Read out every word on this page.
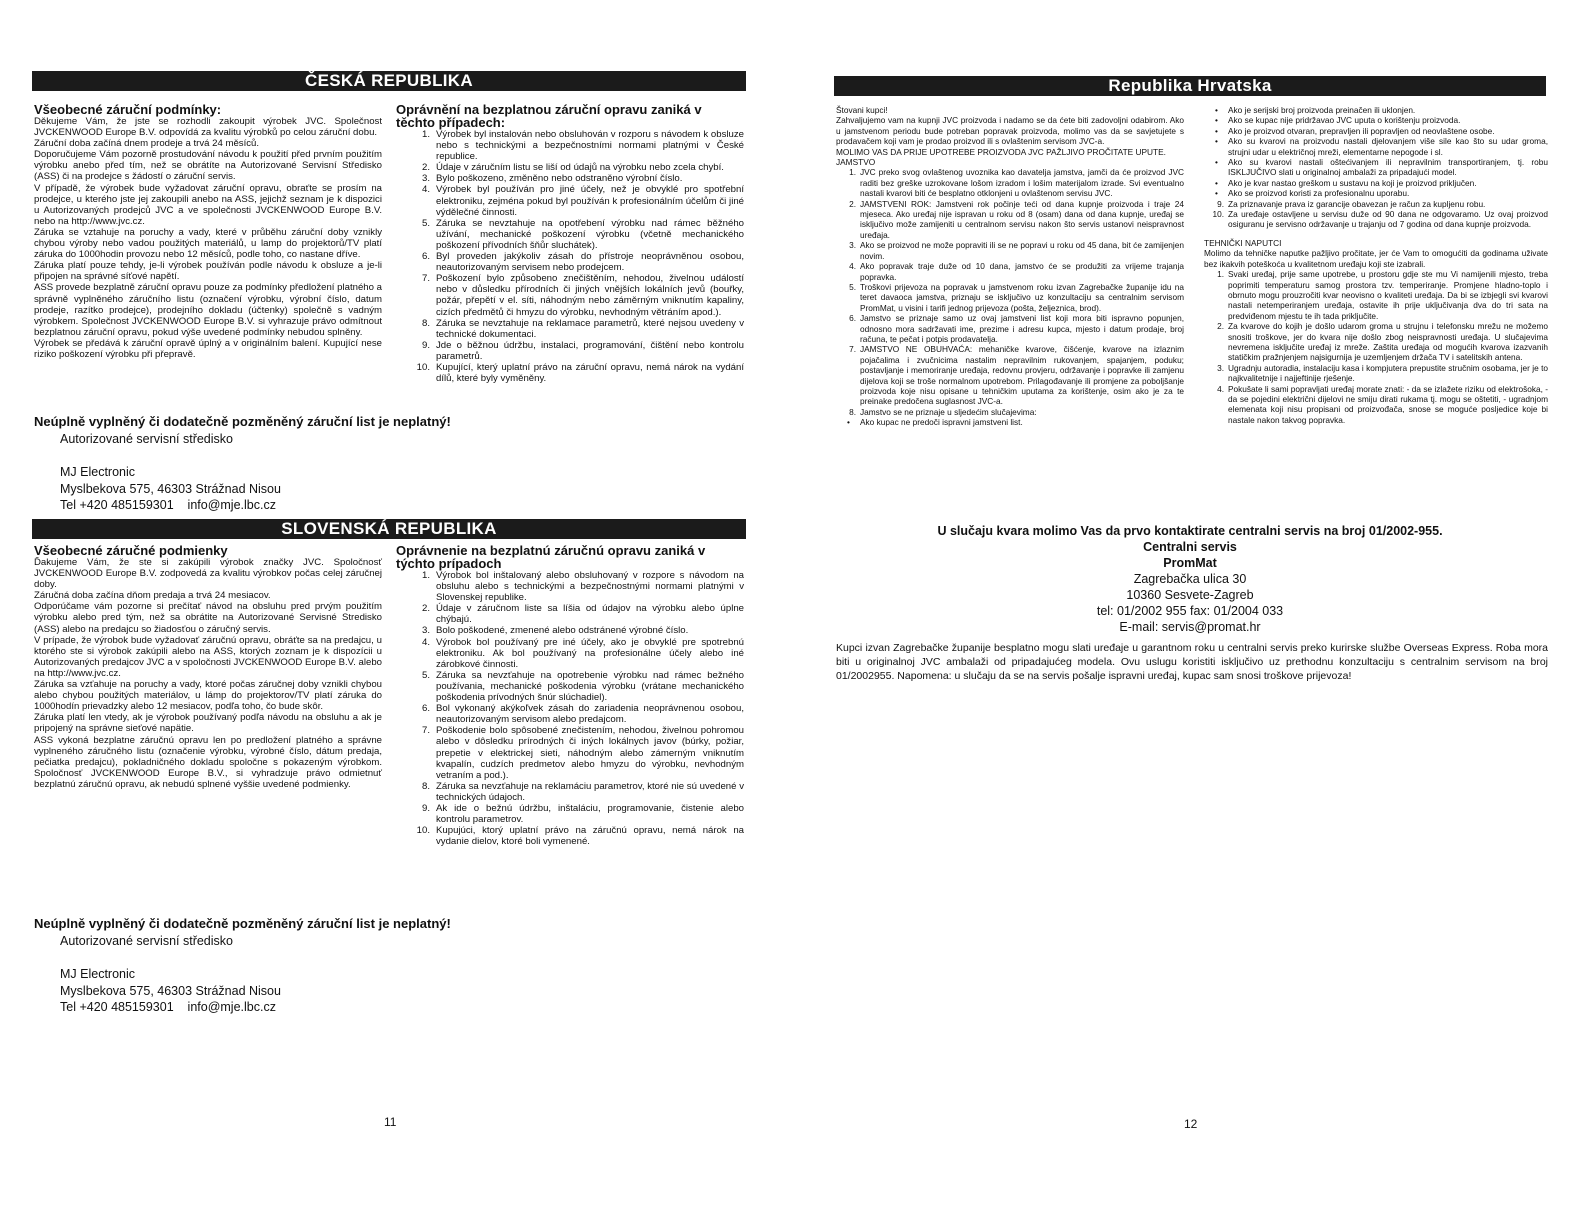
ČESKÁ REPUBLIKA
Všeobecné záruční podmínky:

Děkujeme Vám, že jste se rozhodli zakoupit výrobek JVC. Společnost JVCKENWOOD Europe B.V. odpovídá za kvalitu výrobků po celou záruční dobu.

Záruční doba začíná dnem prodeje a trvá 24 měsíců.

Doporučujeme Vám pozorně prostudování návodu k použití před prvním použitím výrobku anebo před tím, než se obrátíte na Autorizované Servisní Středisko (ASS) či na prodejce s žádostí o záruční servis.

V případě, že výrobek bude vyžadovat záruční opravu, obraťte se prosím na prodejce, u kterého jste jej zakoupili anebo na ASS, jejichž seznam je k dispozici u Autorizovaných prodejců JVC a ve společnosti JVCKENWOOD Europe B.V. nebo na http://www.jvc.cz.

Záruka se vztahuje na poruchy a vady, které v průběhu záruční doby vznikly chybou výroby nebo vadou použitých materiálů, u lamp do projektorů/TV platí záruka do 1000hodin provozu nebo 12 měsíců, podle toho, co nastane dříve.

Záruka platí pouze tehdy, je-li výrobek používán podle návodu k obsluze a je-li připojen na správné síťové napětí.

ASS provede bezplatně záruční opravu pouze za podmínky předložení platného a správně vyplněného záručního listu (označení výrobku, výrobní číslo, datum prodeje, razítko prodejce), prodejního dokladu (účtenky) společně s vadným výrobkem. Společnost JVCKENWOOD Europe B.V. si vyhrazuje právo odmítnout bezplatnou záruční opravu, pokud výše uvedené podmínky nebudou splněny.

Výrobek se předává k záruční opravě úplný a v originálním balení. Kupující nese riziko poškození výrobku při přepravě.

Oprávnění na bezplatnou záruční opravu zaniká v těchto případech:
Výrobek byl instalován nebo obsluhován v rozporu s návodem k obsluze nebo s technickými a bezpečnostními normami platnými v České republice.
Údaje v záručním listu se liší od údajů na výrobku nebo zcela chybí.
Bylo poškozeno, změněno nebo odstraněno výrobní číslo.
Výrobek byl používán pro jiné účely, než je obvyklé pro spotřební elektroniku, zejména pokud byl používán k profesionálním účelům či jiné výdělečné činnosti.
Záruka se nevztahuje na opotřebení výrobku nad rámec běžného užívání, mechanické poškození výrobku (včetně mechanického poškození přívodních šňůr sluchátek).
Byl proveden jakýkoliv zásah do přístroje neoprávněnou osobou, neautorizovaným servisem nebo prodejcem.
Poškození bylo způsobeno znečištěním, nehodou, živelnou událostí nebo v důsledku přírodních či jiných vnějších lokálních jevů (bouřky, požár, přepětí v el. síti, náhodným nebo záměrným vniknutím kapaliny, cizích předmětů či hmyzu do výrobku, nevhodným větráním apod.).
Záruka se nevztahuje na reklamace parametrů, které nejsou uvedeny v technické dokumentaci.
Jde o běžnou údržbu, instalaci, programování, čištění nebo kontrolu parametrů.
Kupující, který uplatní právo na záruční opravu, nemá nárok na vydání dílů, které byly vyměněny.
Neúplně vyplněný či dodatečně pozměněný záruční list je neplatný!
Autorizované servisní středisko
MJ Electronic
Myslbekova 575, 46303 Strážnad Nisou
Tel +420 485159301    info@mje.lbc.cz
SLOVENSKÁ REPUBLIKA
Všeobecné záručné podmienky

Ďakujeme Vám, že ste si zakúpili výrobok značky JVC. Spoločnosť JVCKENWOOD Europe B.V. zodpovedá za kvalitu výrobkov počas celej záručnej doby.

Záručná doba začína dňom predaja a trvá 24 mesiacov.

Odporúčame vám pozorne si prečítať návod na obsluhu pred prvým použitím výrobku alebo pred tým, než sa obrátite na Autorizované Servisné Stredisko (ASS) alebo na predajcu so žiadosťou o záručný servis.

V prípade, že výrobok bude vyžadovať záručnú opravu, obráťte sa na predajcu, u ktorého ste si výrobok zakúpili alebo na ASS, ktorých zoznam je k dispozícii u Autorizovaných predajcov JVC a v spoločnosti JVCKENWOOD Europe B.V. alebo na http://www.jvc.cz.

Záruka sa vzťahuje na poruchy a vady, ktoré počas záručnej doby vznikli chybou alebo chybou použitých materiálov, u lámp do projektorov/TV platí záruka do 1000hodín prievadzky alebo 12 mesiacov, podľa toho, čo bude skôr.

Záruka platí len vtedy, ak je výrobok používaný podľa návodu na obsluhu a ak je pripojený na správne sieťové napätie.

ASS vykoná bezplatne záručnú opravu len po predložení platného a správne vyplneného záručného listu (označenie výrobku, výrobné číslo, dátum predaja, pečiatka predajcu), pokladničného dokladu spoločne s pokazeným výrobkom. Spoločnosť JVCKENWOOD Europe B.V., si vyhradzuje právo odmietnuť bezplatnú záručnú opravu, ak nebudú splnené vyššie uvedené podmienky.

Oprávnenie na bezplatnú záručnú opravu zaniká v týchto prípadoch
Výrobok bol inštalovaný alebo obsluhovaný v rozpore s návodom na obsluhu alebo s technickými a bezpečnostnými normami platnými v Slovenskej republike.
Údaje v záručnom liste sa líšia od údajov na výrobku alebo úplne chýbajú.
Bolo poškodené, zmenené alebo odstránené výrobné číslo.
Výrobok bol používaný pre iné účely, ako je obvyklé pre spotrebnú elektroniku. Ak bol používaný na profesionálne účely alebo iné zárobkové činnosti.
Záruka sa nevzťahuje na opotrebenie výrobku nad rámec bežného používania, mechanické poškodenia výrobku (vrátane mechanického poškodenia prívodných šnúr slúchadiel).
Bol vykonaný akýkoľvek zásah do zariadenia neoprávnenou osobou, neautorizovaným servisom alebo predajcom.
Poškodenie bolo spôsobené znečistením, nehodou, živelnou pohromou alebo v dôsledku prírodných či iných lokálnych javov (búrky, požiar, prepetie v elektrickej sieti, náhodným alebo zámerným vniknutím kvapalín, cudzích predmetov alebo hmyzu do výrobku, nevhodným vetraním a pod.).
Záruka sa nevzťahuje na reklamáciu parametrov, ktoré nie sú uvedené v technických údajoch.
Ak ide o bežnú údržbu, inštaláciu, programovanie, čistenie alebo kontrolu parametrov.
Kupujúci, ktorý uplatní právo na záručnú opravu, nemá nárok na vydanie dielov, ktoré boli vymenené.
Neúplně vyplněný či dodatečně pozměněný záruční list je neplatný!
Autorizované servisní středisko
MJ Electronic
Myslbekova 575, 46303 Strážnad Nisou
Tel +420 485159301    info@mje.lbc.cz
11
Republika Hrvatska

Štovani kupci!

Zahvaljujemo vam na kupnji JVC proizvoda i nadamo se da ćete biti zadovoljni odabirom. Ako u jamstvenom periodu bude potreban popravak proizvoda, molimo vas da se savjetujete s prodavačem koji vam je prodao proizvod ili s ovlaštenim servisom JVC-a.

MOLIMO VAS DA PRIJE UPOTREBE PROIZVODA JVC PAŽLJIVO PROČITATE UPUTE.

JAMSTVO

JVC preko svog ovlaštenog uvoznika kao davatelja jamstva, jamči da će proizvod JVC raditi bez greške uzrokovane lošom izradom i lošim materijalom izrade. Svi eventualno nastali kvarovi biti će besplatno otklonjeni u ovlaštenom servisu JVC.
JAMSTVENI ROK: Jamstveni rok počinje teći od dana kupnje proizvoda i traje 24 mjeseca. Ako uređaj nije ispravan u roku od 8 (osam) dana od dana kupnje, uređaj se isključivo može zamijeniti u centralnom servisu nakon što servis ustanovi neispravnost uređaja.
Ako se proizvod ne može popraviti ili se ne popravi u roku od 45 dana, bit će zamijenjen novim.
Ako popravak traje duže od 10 dana, jamstvo će se produžiti za vrijeme trajanja popravka.
Troškovi prijevoza na popravak u jamstvenom roku izvan Zagrebačke županije idu na teret davaoca jamstva, priznaju se isključivo uz konzultaciju sa centralnim servisom PromMat, u visini i tarifi jednog prijevoza (pošta, željeznica, brod).
Jamstvo se priznaje samo uz ovaj jamstveni list koji mora biti ispravno popunjen, odnosno mora sadržavati ime, prezime i adresu kupca, mjesto i datum prodaje, broj računa, te pečat i potpis prodavatelja.
JAMSTVO NE OBUHVAĆA: mehaničke kvarove, čišćenje, kvarove na izlaznim pojačalima i zvučnicima nastalim nepravilnim rukovanjem, spajanjem, poduku; postavljanje i memoriranje uređaja, redovnu provjeru, održavanje i popravke ili zamjenu dijelova koji se troše normalnom upotrebom. Prilagođavanje ili promjene za poboljšanje proizvoda koje nisu opisane u tehničkim uputama za korištenje, osim ako je za te preinake predočena suglasnost JVC-a.
Jamstvo se ne priznaje u sljedećim slučajevima:
• Ako kupac ne predoči ispravni jamstveni list.
• Ako je serijski broj proizvoda preinačen ili uklonjen.
• Ako se kupac nije pridržavao JVC uputa o korištenju proizvoda.
• Ako je proizvod otvaran, prepravljen ili popravljen od neovlaštene osobe.
• Ako su kvarovi na proizvodu nastali djelovanjem više sile kao što su udar groma, strujni udar u električnoj mreži, elementarne nepogode i sl.
• Ako su kvarovi nastali oštećivanjem ili nepravilnim transportiranjem, tj. robu ISKLJUČIVO slati u originalnoj ambalaži za pripadajući model.
• Ako je kvar nastao greškom u sustavu na koji je proizvod priključen.
• Ako se proizvod koristi za profesionalnu uporabu.
Za priznavanje prava iz garancije obavezan je račun za kupljenu robu.
Za uređaje ostavljene u servisu duže od 90 dana ne odgovaramo. Uz ovaj proizvod osiguranu je servisno održavanje u trajanju od 7 godina od dana kupnje proizvoda.

TEHNIČKI NAPUTCI

Molimo da tehničke naputke pažljivo pročitate, jer će Vam to omogućiti da godinama uživate bez ikakvih poteškoća u kvalitetnom uređaju koji ste izabrali.

Svaki uređaj, prije same upotrebe, u prostoru gdje ste mu Vi namijenili mjesto, treba poprimiti temperaturu samog prostora tzv. temperiranje. Promjene hladno-toplo i obrnuto mogu prouzročiti kvar neovisno o kvaliteti uređaja. Da bi se izbjegli svi kvarovi nastali netemperiranjem uređaja, ostavite ih prije uključivanja dva do tri sata na predviđenom mjestu te ih tada priključite.
Za kvarove do kojih je došlo udarom groma u strujnu i telefonsku mrežu ne možemo snositi troškove, jer do kvara nije došlo zbog neispravnosti uređaja. U slučajevima nevremena isključite uređaj iz mreže. Zaštita uređaja od mogućih kvarova izazvanih statičkim pražnjenjem najsigurnija je uzemljenjem držača TV i satelitskih antena.
Ugradnju autoradia, instalaciju kasa i kompjutera prepustite stručnim osobama, jer je to najkvalitetnije i najjeftinije rješenje.
Pokušate li sami popravljati uređaj morate znati: - da se izlažete riziku od elektrošoka, - da se pojedini električni dijelovi ne smiju dirati rukama tj. mogu se oštetiti, - ugradnjom elemenata koji nisu propisani od proizvođača, snose se moguće posljedice koje bi nastale nakon takvog popravka.
U slučaju kvara molimo Vas da prvo kontaktirate centralni servis na broj 01/2002-955.
Centralni servis
PromMat
Zagrebačka ulica 30
10360 Sesvete-Zagreb
tel: 01/2002 955 fax: 01/2004 033
E-mail: servis@promat.hr
Kupci izvan Zagrebačke županije besplatno mogu slati uređaje u garantnom roku u centralni servis preko kurirske službe Overseas Express. Roba mora biti u originalnoj JVC ambalaži od pripadajućeg modela. Ovu uslugu koristiti isključivo uz prethodnu konzultaciju s centralnim servisom na broj 01/2002955. Napomena: u slučaju da se na servis pošalje ispravni uređaj, kupac sam snosi troškove prijevoza!
12
